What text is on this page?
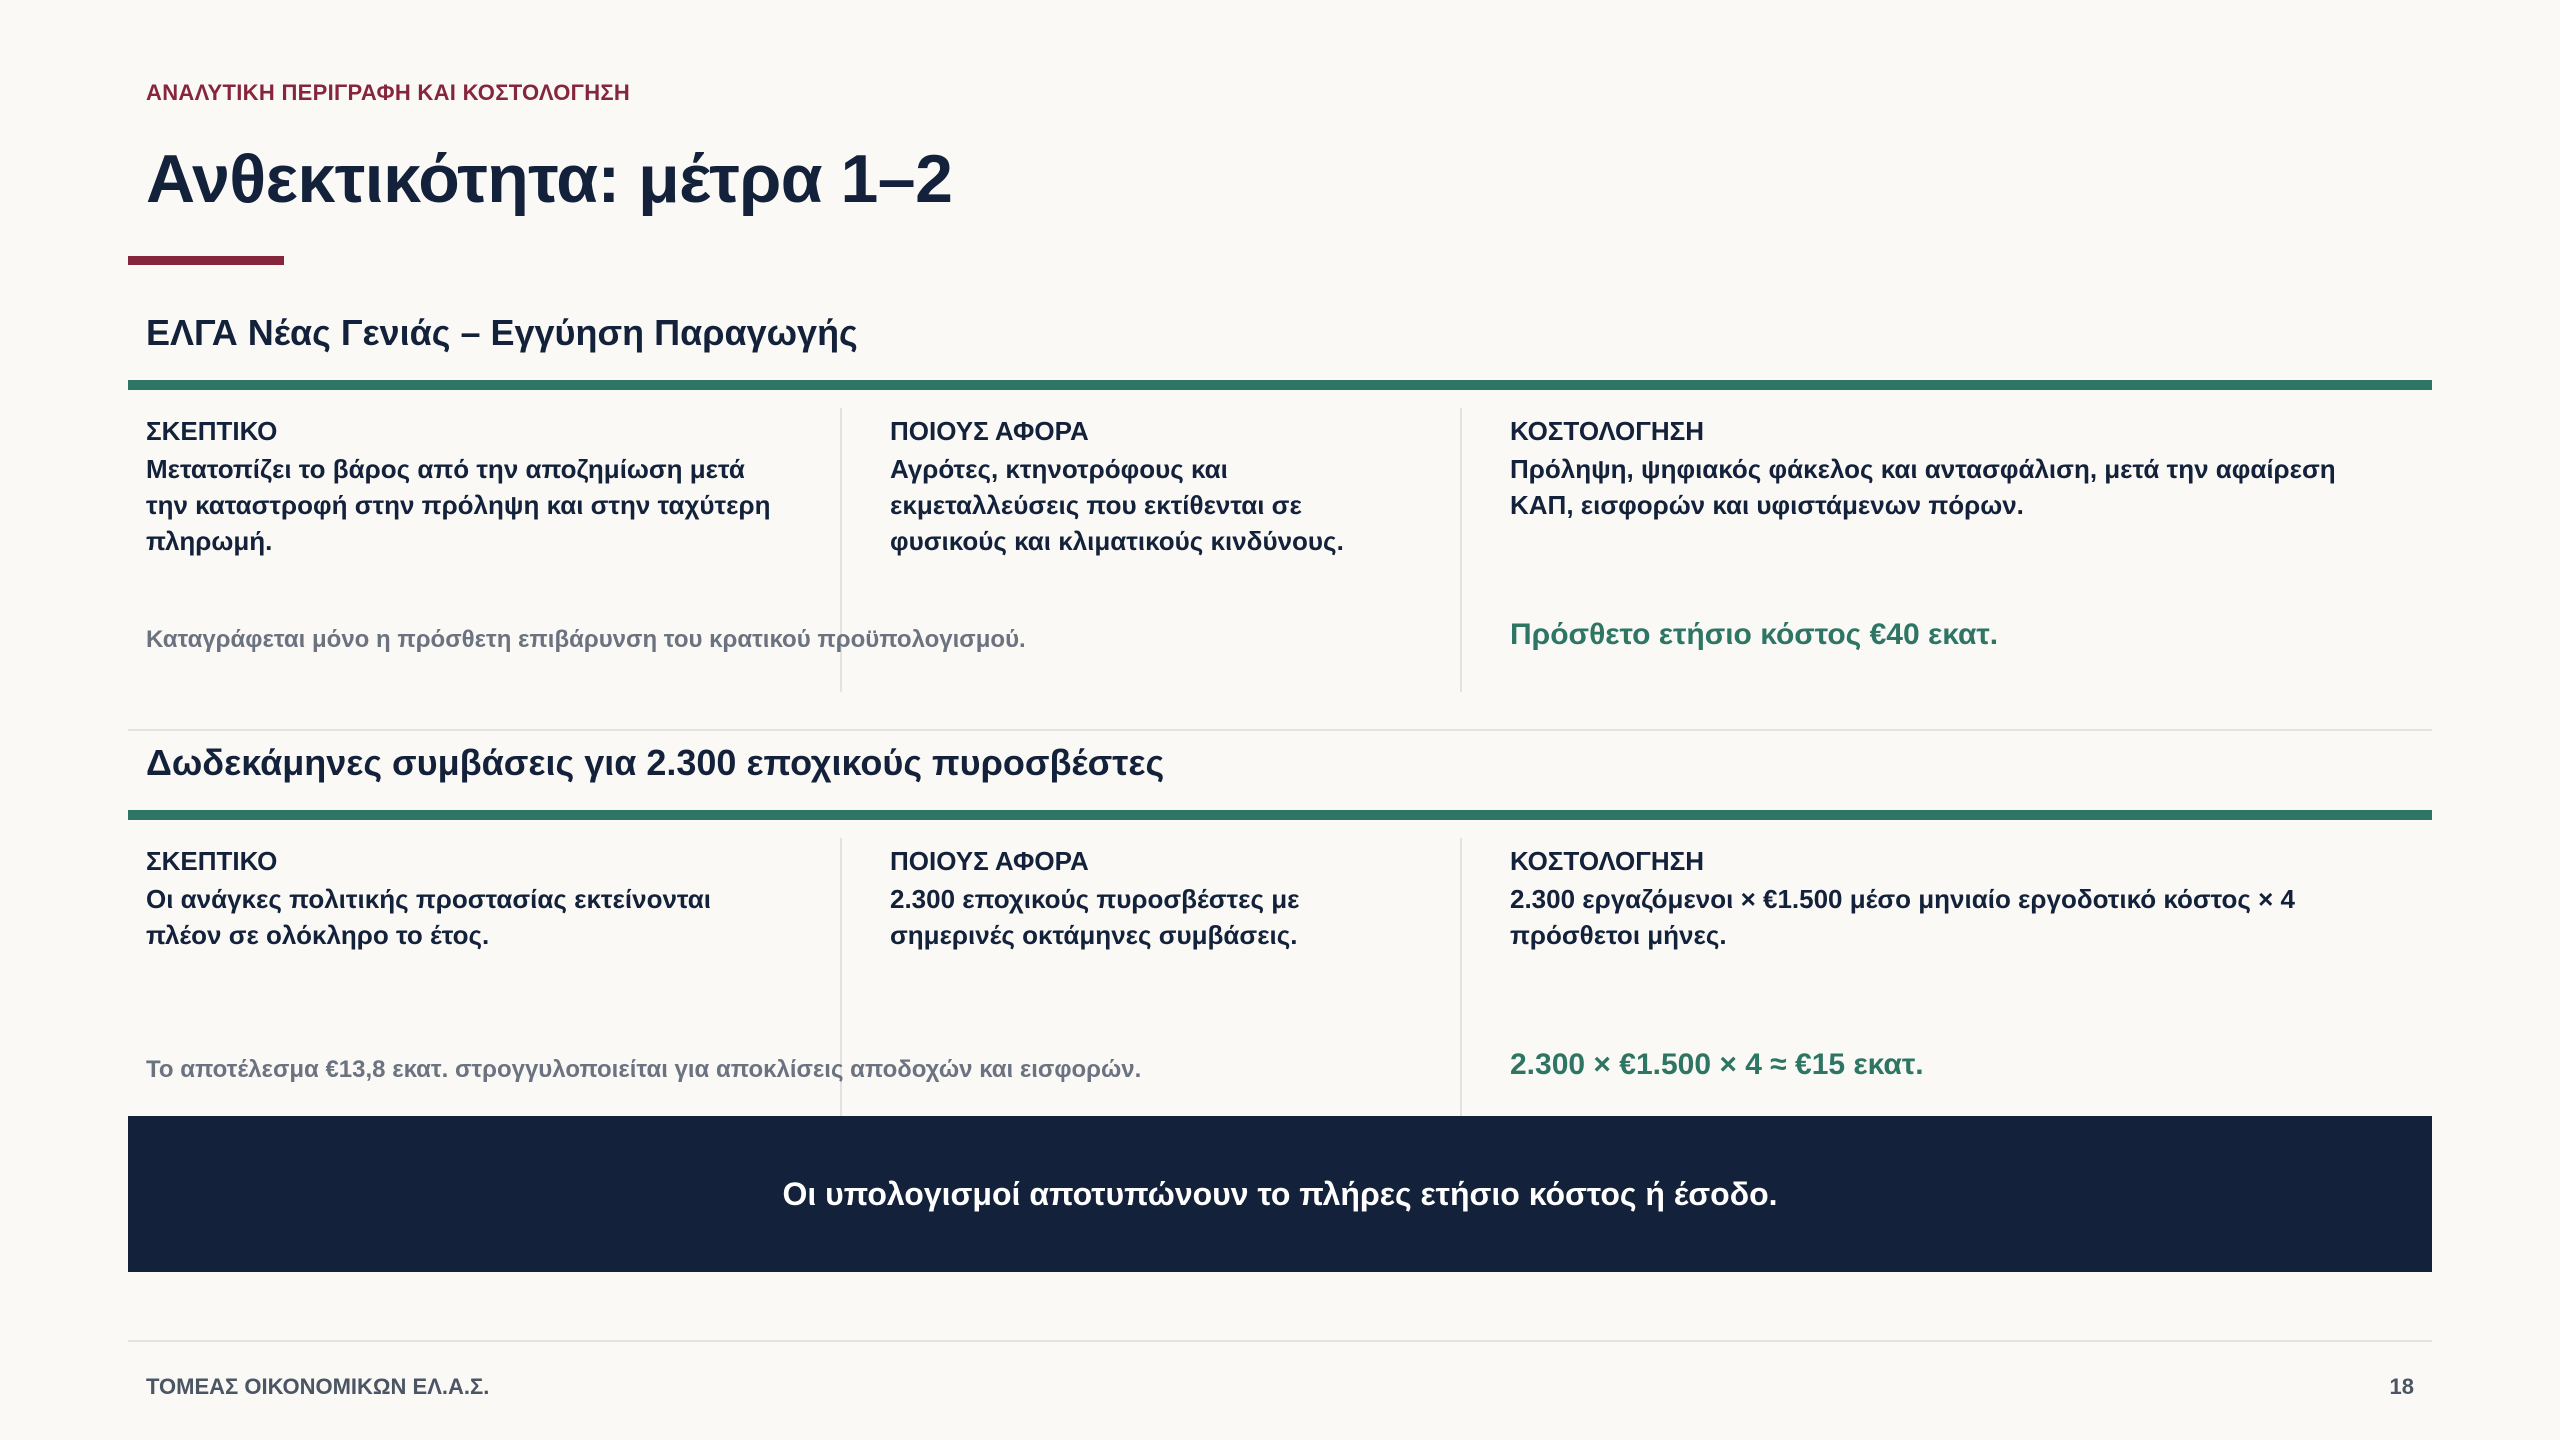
ΑΝΑΛΥΤΙΚΗ ΠΕΡΙΓΡΑΦΗ ΚΑΙ ΚΟΣΤΟΛΟΓΗΣΗ
Ανθεκτικότητα: μέτρα 1–2
ΕΛΓΑ Νέας Γενιάς – Εγγύηση Παραγωγής
ΣΚΕΠΤΙΚΟ
Μετατοπίζει το βάρος από την αποζημίωση μετά
την καταστροφή στην πρόληψη και στην ταχύτερη
πληρωμή.
ΠΟΙΟΥΣ ΑΦΟΡΑ
Αγρότες, κτηνοτρόφους και
εκμεταλλεύσεις που εκτίθενται σε
φυσικούς και κλιματικούς κινδύνους.
ΚΟΣΤΟΛΟΓΗΣΗ
Πρόληψη, ψηφιακός φάκελος και αντασφάλιση, μετά την αφαίρεση
ΚΑΠ, εισφορών και υφιστάμενων πόρων.
Καταγράφεται μόνο η πρόσθετη επιβάρυνση του κρατικού προϋπολογισμού.	Πρόσθετο ετήσιο κόστος €40 εκατ.
Δωδεκάμηνες συμβάσεις για 2.300 εποχικούς πυροσβέστες
ΣΚΕΠΤΙΚΟ
Οι ανάγκες πολιτικής προστασίας εκτείνονται
πλέον σε ολόκληρο το έτος.
ΠΟΙΟΥΣ ΑΦΟΡΑ
2.300 εποχικούς πυροσβέστες με
σημερινές οκτάμηνες συμβάσεις.
ΚΟΣΤΟΛΟΓΗΣΗ
2.300 εργαζόμενοι × €1.500 μέσο μηνιαίο εργοδοτικό κόστος × 4
πρόσθετοι μήνες.
Το αποτέλεσμα €13,8 εκατ. στρογγυλοποιείται για αποκλίσεις αποδοχών και εισφορών.	2.300 × €1.500 × 4 ≈ €15 εκατ.
Οι υπολογισμοί αποτυπώνουν το πλήρες ετήσιο κόστος ή έσοδο.
ΤΟΜΕΑΣ ΟΙΚΟΝΟΜΙΚΩΝ ΕΛ.Α.Σ.	18
